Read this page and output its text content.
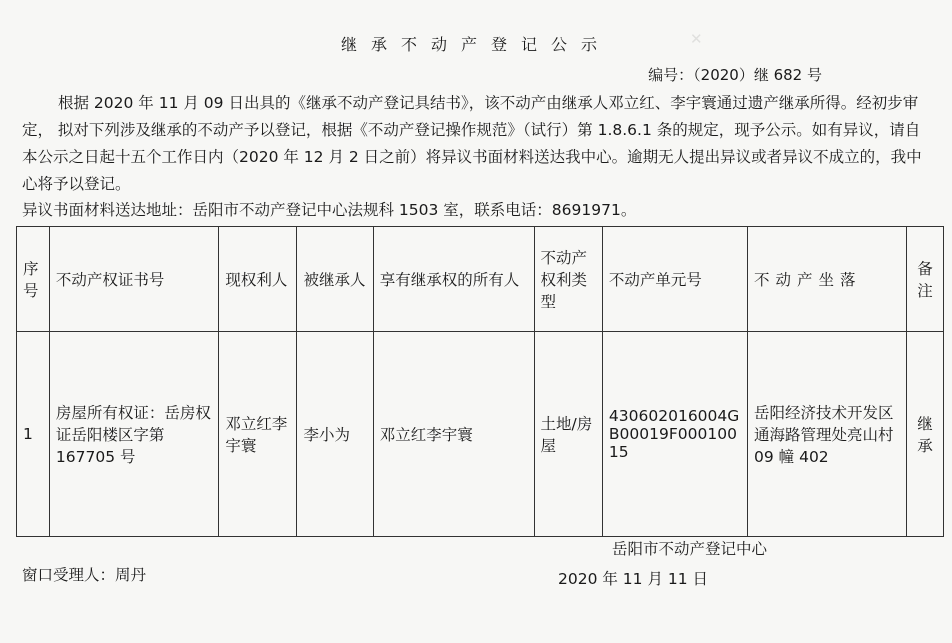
✕
继承不动产登记公示
编号：（2020）继 682 号
根据 2020 年 11 月 09 日出具的《继承不动产登记具结书》，该不动产由继承人邓立红、李宇寰通过遗产继承所得。经初步审定， 拟对下列涉及继承的不动产予以登记，根据《不动产登记操作规范》（试行）第 1.8.6.1 条的规定，现予公示。如有异议，请自本公示之日起十五个工作日内（2020 年 12 月 2 日之前）将异议书面材料送达我中心。逾期无人提出异议或者异议不成立的，我中心将予以登记。
异议书面材料送达地址：岳阳市不动产登记中心法规科 1503 室，联系电话：8691971。
序号	不动产权证书号	现权利人	被继承人	享有继承权的所有人	不动产权利类型	不动产单元号	不动产坐落	备注
1	房屋所有权证：岳房权证岳阳楼区字第 167705 号	邓立红李宇寰	李小为	邓立红李宇寰	土地/房屋	430602016004GB00019F00010015	岳阳经济技术开发区通海路管理处亮山村 09 幢 402	继承
岳阳市不动产登记中心
窗口受理人：周丹	2020 年 11 月 11 日
